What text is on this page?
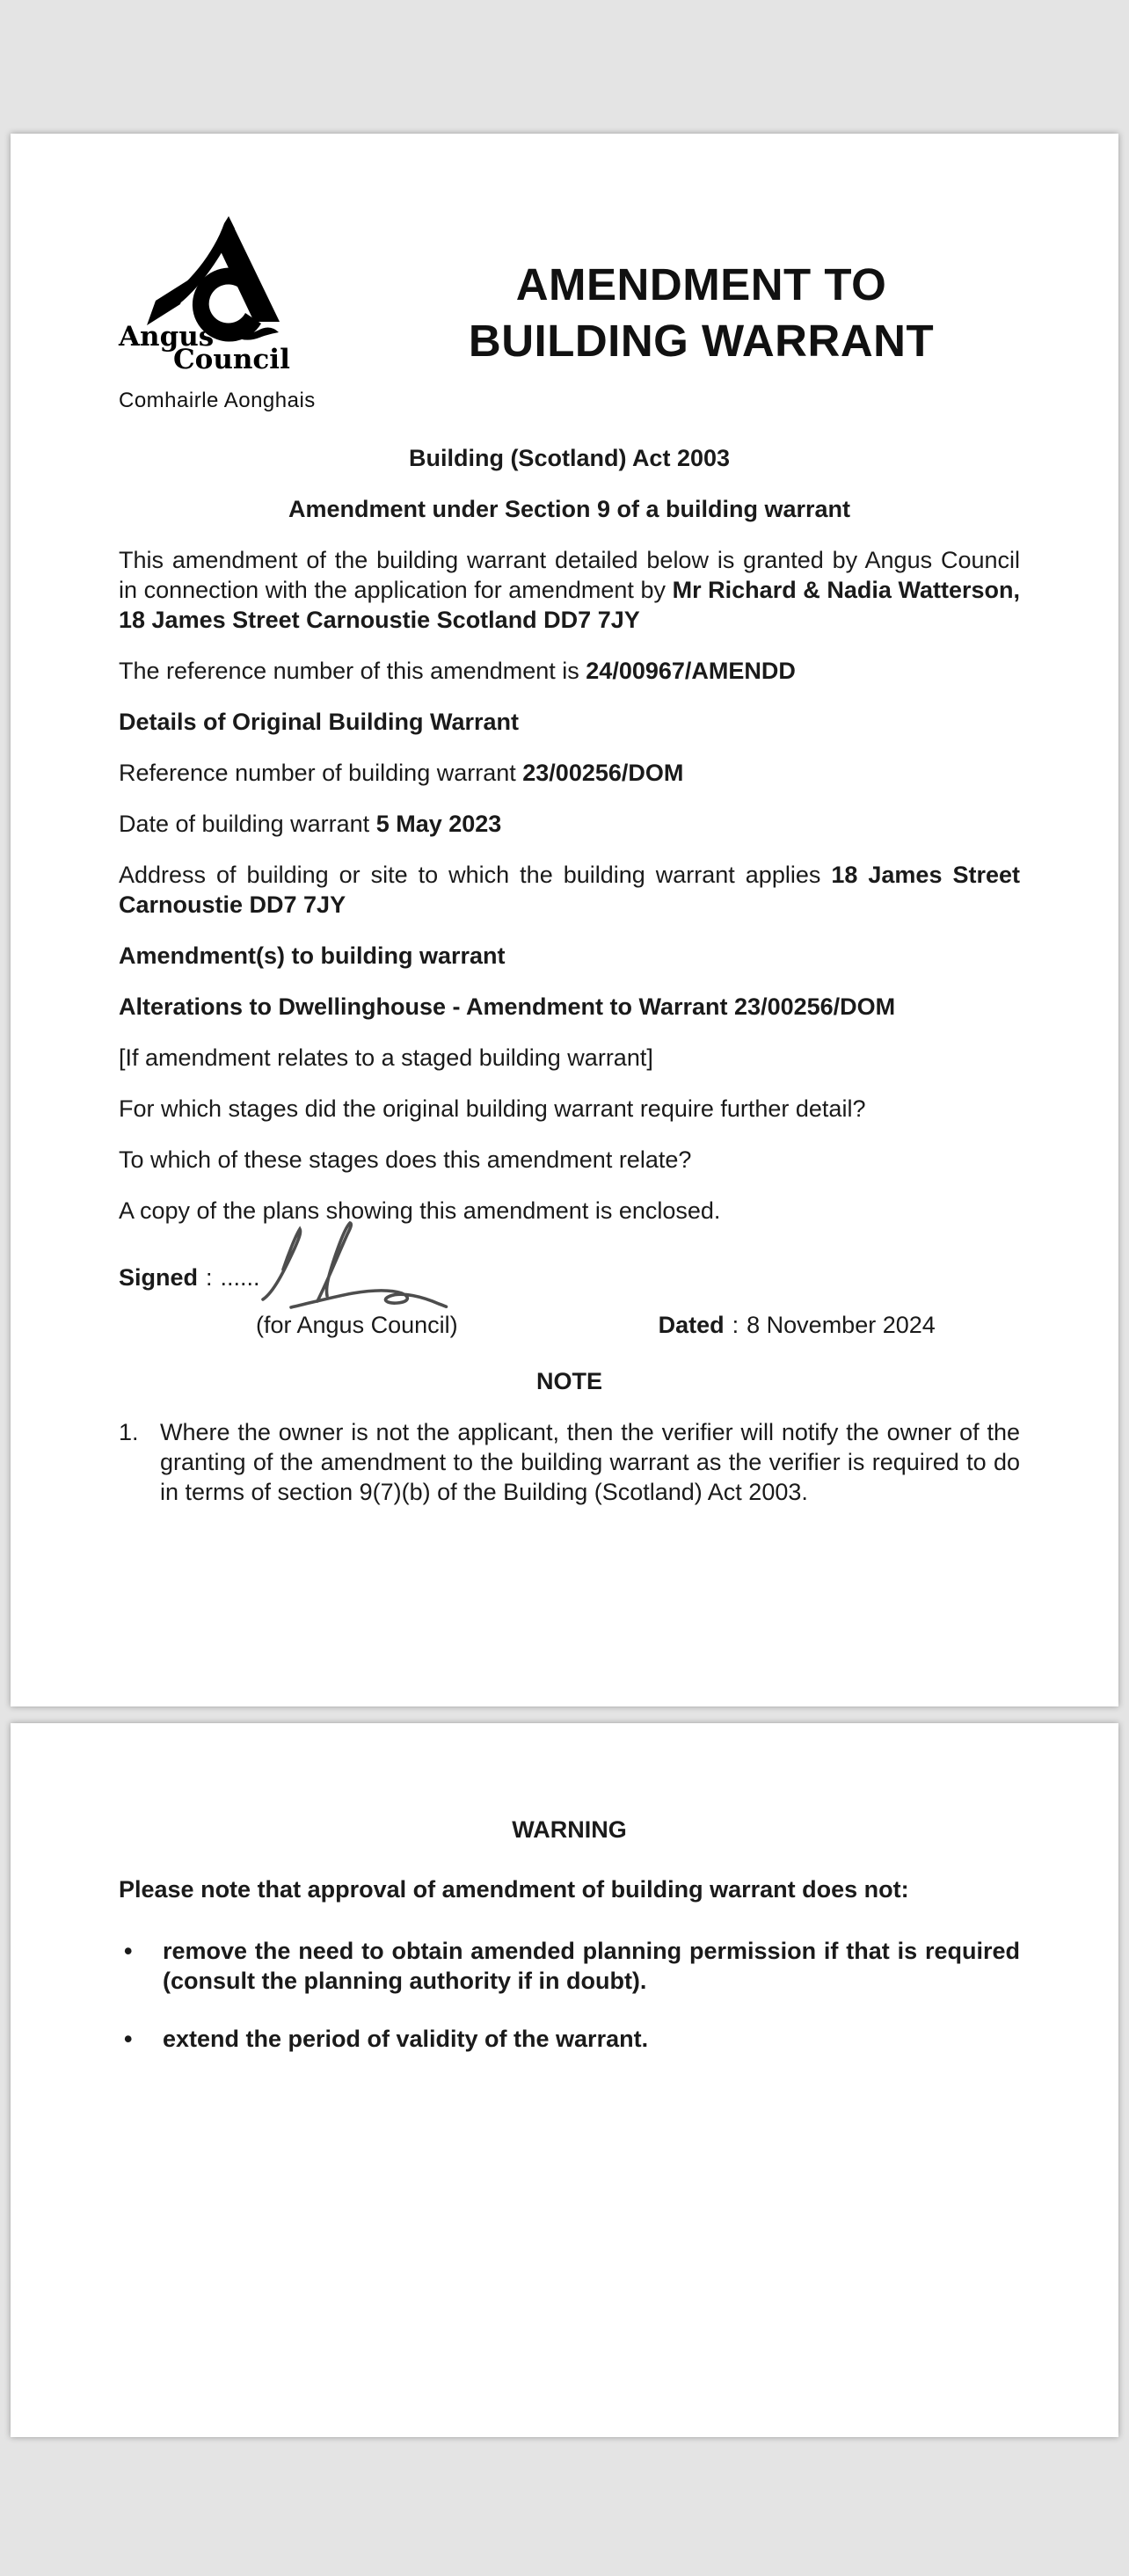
Angus
Council
Comhairle Aonghais
AMENDMENT TO
BUILDING WARRANT

Building (Scotland) Act 2003

Amendment under Section 9 of a building warrant

This amendment of the building warrant detailed below is granted by Angus Council in connection with the application for amendment by Mr Richard & Nadia Watterson, 18 James Street Carnoustie Scotland DD7 7JY

The reference number of this amendment is 24/00967/AMENDD

Details of Original Building Warrant

Reference number of building warrant 23/00256/DOM

Date of building warrant 5 May 2023

Address of building or site to which the building warrant applies 18 James Street Carnoustie DD7 7JY

Amendment(s) to building warrant

Alterations to Dwellinghouse - Amendment to Warrant 23/00256/DOM

[If amendment relates to a staged building warrant]

For which stages did the original building warrant require further detail?

To which of these stages does this amendment relate?

A copy of the plans showing this amendment is enclosed.

Signed : ......
(for Angus Council)	Dated : 8 November 2024

NOTE

1. Where the owner is not the applicant, then the verifier will notify the owner of the granting of the amendment to the building warrant as the verifier is required to do in terms of section 9(7)(b) of the Building (Scotland) Act 2003.

WARNING

Please note that approval of amendment of building warrant does not:

•	remove the need to obtain amended planning permission if that is required (consult the planning authority if in doubt).

•	extend the period of validity of the warrant.
